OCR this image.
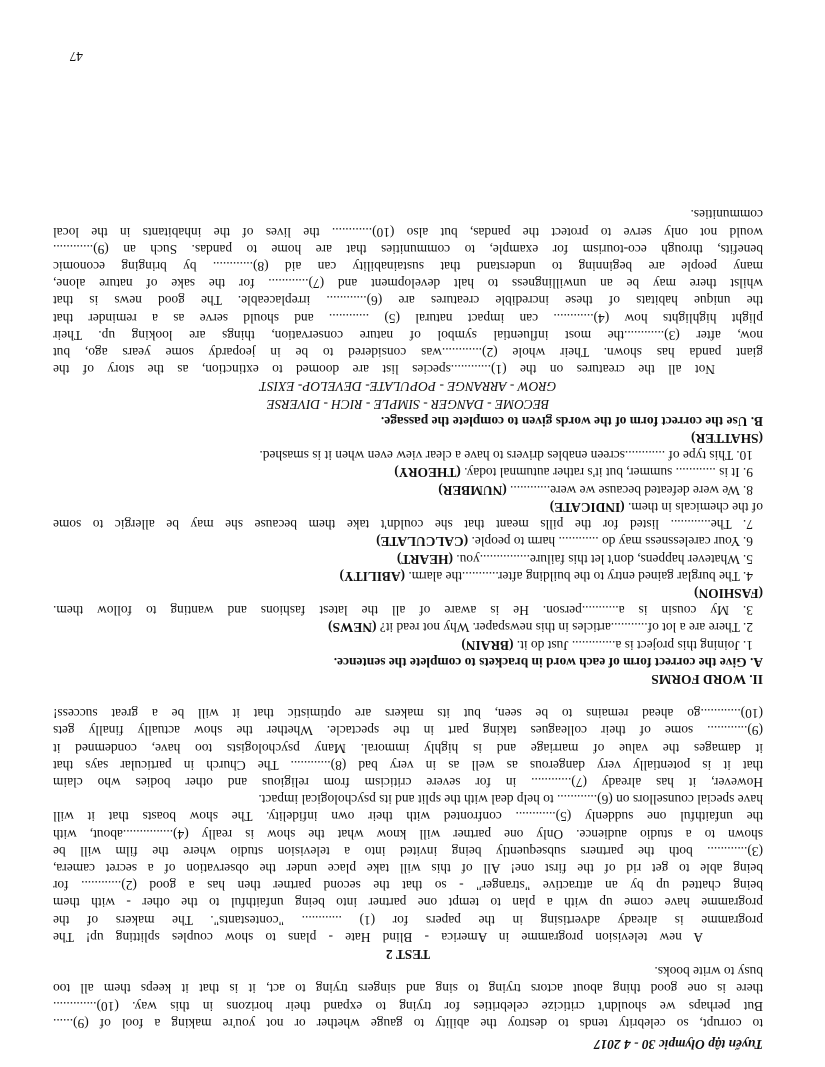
Tuyển tập Olympic 30 - 4 2017
to corrupt, so celebrity tends to destroy the ability to gauge whether or not you're making a fool of (9)......
But perhaps we shouldn't criticize celebrities for trying to expand their horizons in this way. (10).............
there is one good thing about actors trying to sing and singers trying to act, it is that it keeps them all too
busy to write books.
TEST 2
A new television programme in America - Blind Hate - plans to show couples splitting up! The
programme is already advertising in the papers for (1) ............ "contestants". The makers of the
programme have come up with a plan to tempt one partner into being unfaithful to the other - with them
being chatted up by an attractive "stranger" - so that the second partner then has a good (2)............ for
being able to get rid of the first one! All of this will take place under the observation of a secret camera,
(3)............ both the partners subsequently being invited into a television studio where the film will be
shown to a studio audience. Only one partner will know what the show is really (4)...............about, with
the unfaithful one suddenly (5)............ confronted with their own infidelity. The show boasts that it will
have special counsellors on (6)............ to help deal with the split and its psychological impact.
However, it has already (7)............ in for severe criticism from religious and other bodies who claim
that it is potentially very dangerous as well as in very bad (8)............ The Church in particular says that
it damages the value of marriage and is highly immoral. Many psychologists too have, condemned it
(9)............ some of their colleagues taking part in the spectacle. Whether the show actually finally gets
(10)............go ahead remains to be seen, but its makers are optimistic that it will be a great success!
II. WORD FORMS
A. Give the correct form of each word in brackets to complete the sentence.
1. Joining this project is a............. Just do it. (BRAIN)
2. There are a lot of...........articles in this newspaper. Why not read it? (NEWS)
3. My cousin is a...........person. He is aware of all the latest fashions and wanting to follow them.
(FASHION)
4. The burglar gained entry to the building after...........the alarm. (ABILITY)
5. Whatever happens, don't let this failure...............you. (HEART)
6. Your carelessness may do ............ harm to people. (CALCULATE)
7. The............ listed for the pills meant that she couldn't take them because she may be allergic to some
of the chemicals in them. (INDICATE)
8. We were defeated because we were............ (NUMBER)
9. It is ............ summer, but it's rather autumnal today. (THEORY)
10. This type of ............screen enables drivers to have a clear view even when it is smashed.
(SHATTER)
B. Use the correct form of the words given to complete the passage.
BECOME - DANGER - SIMPLE - RICH - DIVERSE
GROW - ARRANGE - POPULATE- DEVELOP- EXIST
Not all the creatures on the (1)............species list are doomed to extinction, as the story of the
giant panda has shown. Their whole (2)............was considered to be in jeopardy some years ago, but
now, after (3)............the most influential symbol of nature conservation, things are looking up. Their
plight highlights how (4)............ can impact natural (5) ............ and should serve as a reminder that
the unique habitats of these incredible creatures are (6)............ irreplaceable. The good news is that
whilst there may be an unwillingness to halt development and (7)............ for the sake of nature alone,
many people are beginning to understand that sustainability can aid (8)............ by bringing economic
benefits, through eco-tourism for example, to communities that are home to pandas. Such an (9)............
would not only serve to protect the pandas, but also (10)............ the lives of the inhabitants in the local
communities.
47
